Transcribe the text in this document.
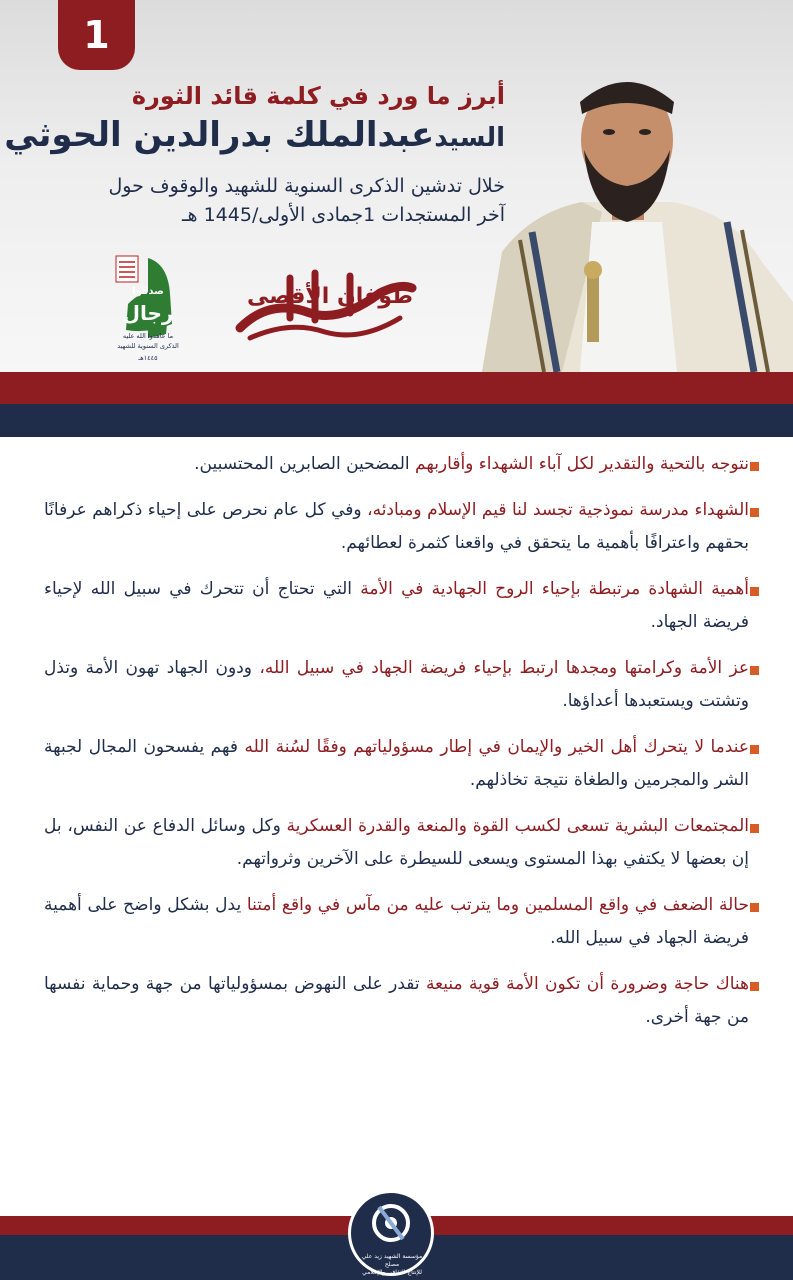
1
أبرز ما ورد في كلمة قائد الثورة
السيدعبدالملك بدرالدين الحوثي
خلال تدشين الذكرى السنوية للشهيد والوقوف حول
آخر المستجدات 1جمادى الأولى/1445 هـ
طوفان الأقصى
صدقوا
رجال
ما عاهدوا الله عليه
الذكرى السنوية للشهيد
١٤٤٥هـ

نتوجه بالتحية والتقدير لكل آباء الشهداء وأقاربهم المضحين الصابرين المحتسبين.

الشهداء مدرسة نموذجية تجسد لنا قيم الإسلام ومبادئه، وفي كل عام نحرص على إحياء ذكراهم عرفانًا بحقهم واعترافًا بأهمية ما يتحقق في واقعنا كثمرة لعطائهم.

أهمية الشهادة مرتبطة بإحياء الروح الجهادية في الأمة التي تحتاج أن تتحرك في سبيل الله لإحياء فريضة الجهاد.

عز الأمة وكرامتها ومجدها ارتبط بإحياء فريضة الجهاد في سبيل الله، ودون الجهاد تهون الأمة وتذل وتشتت ويستعبدها أعداؤها.

عندما لا يتحرك أهل الخير والإيمان في إطار مسؤولياتهم وفقًا لسُنة الله فهم يفسحون المجال لجبهة الشر والمجرمين والطغاة نتيجة تخاذلهم.

المجتمعات البشرية تسعى لكسب القوة والمنعة والقدرة العسكرية وكل وسائل الدفاع عن النفس، بل إن بعضها لا يكتفي بهذا المستوى ويسعى للسيطرة على الآخرين وثرواتهم.

حالة الضعف في واقع المسلمين وما يترتب عليه من مآس في واقع أمتنا يدل بشكل واضح على أهمية فريضة الجهاد في سبيل الله.

هناك حاجة وضرورة أن تكون الأمة قوية منيعة تقدر على النهوض بمسؤولياتها من جهة وحماية نفسها من جهة أخرى.

مؤسسة الشهيد زيد علي مصلح
للإنتاج الثقافي والإعلامي
